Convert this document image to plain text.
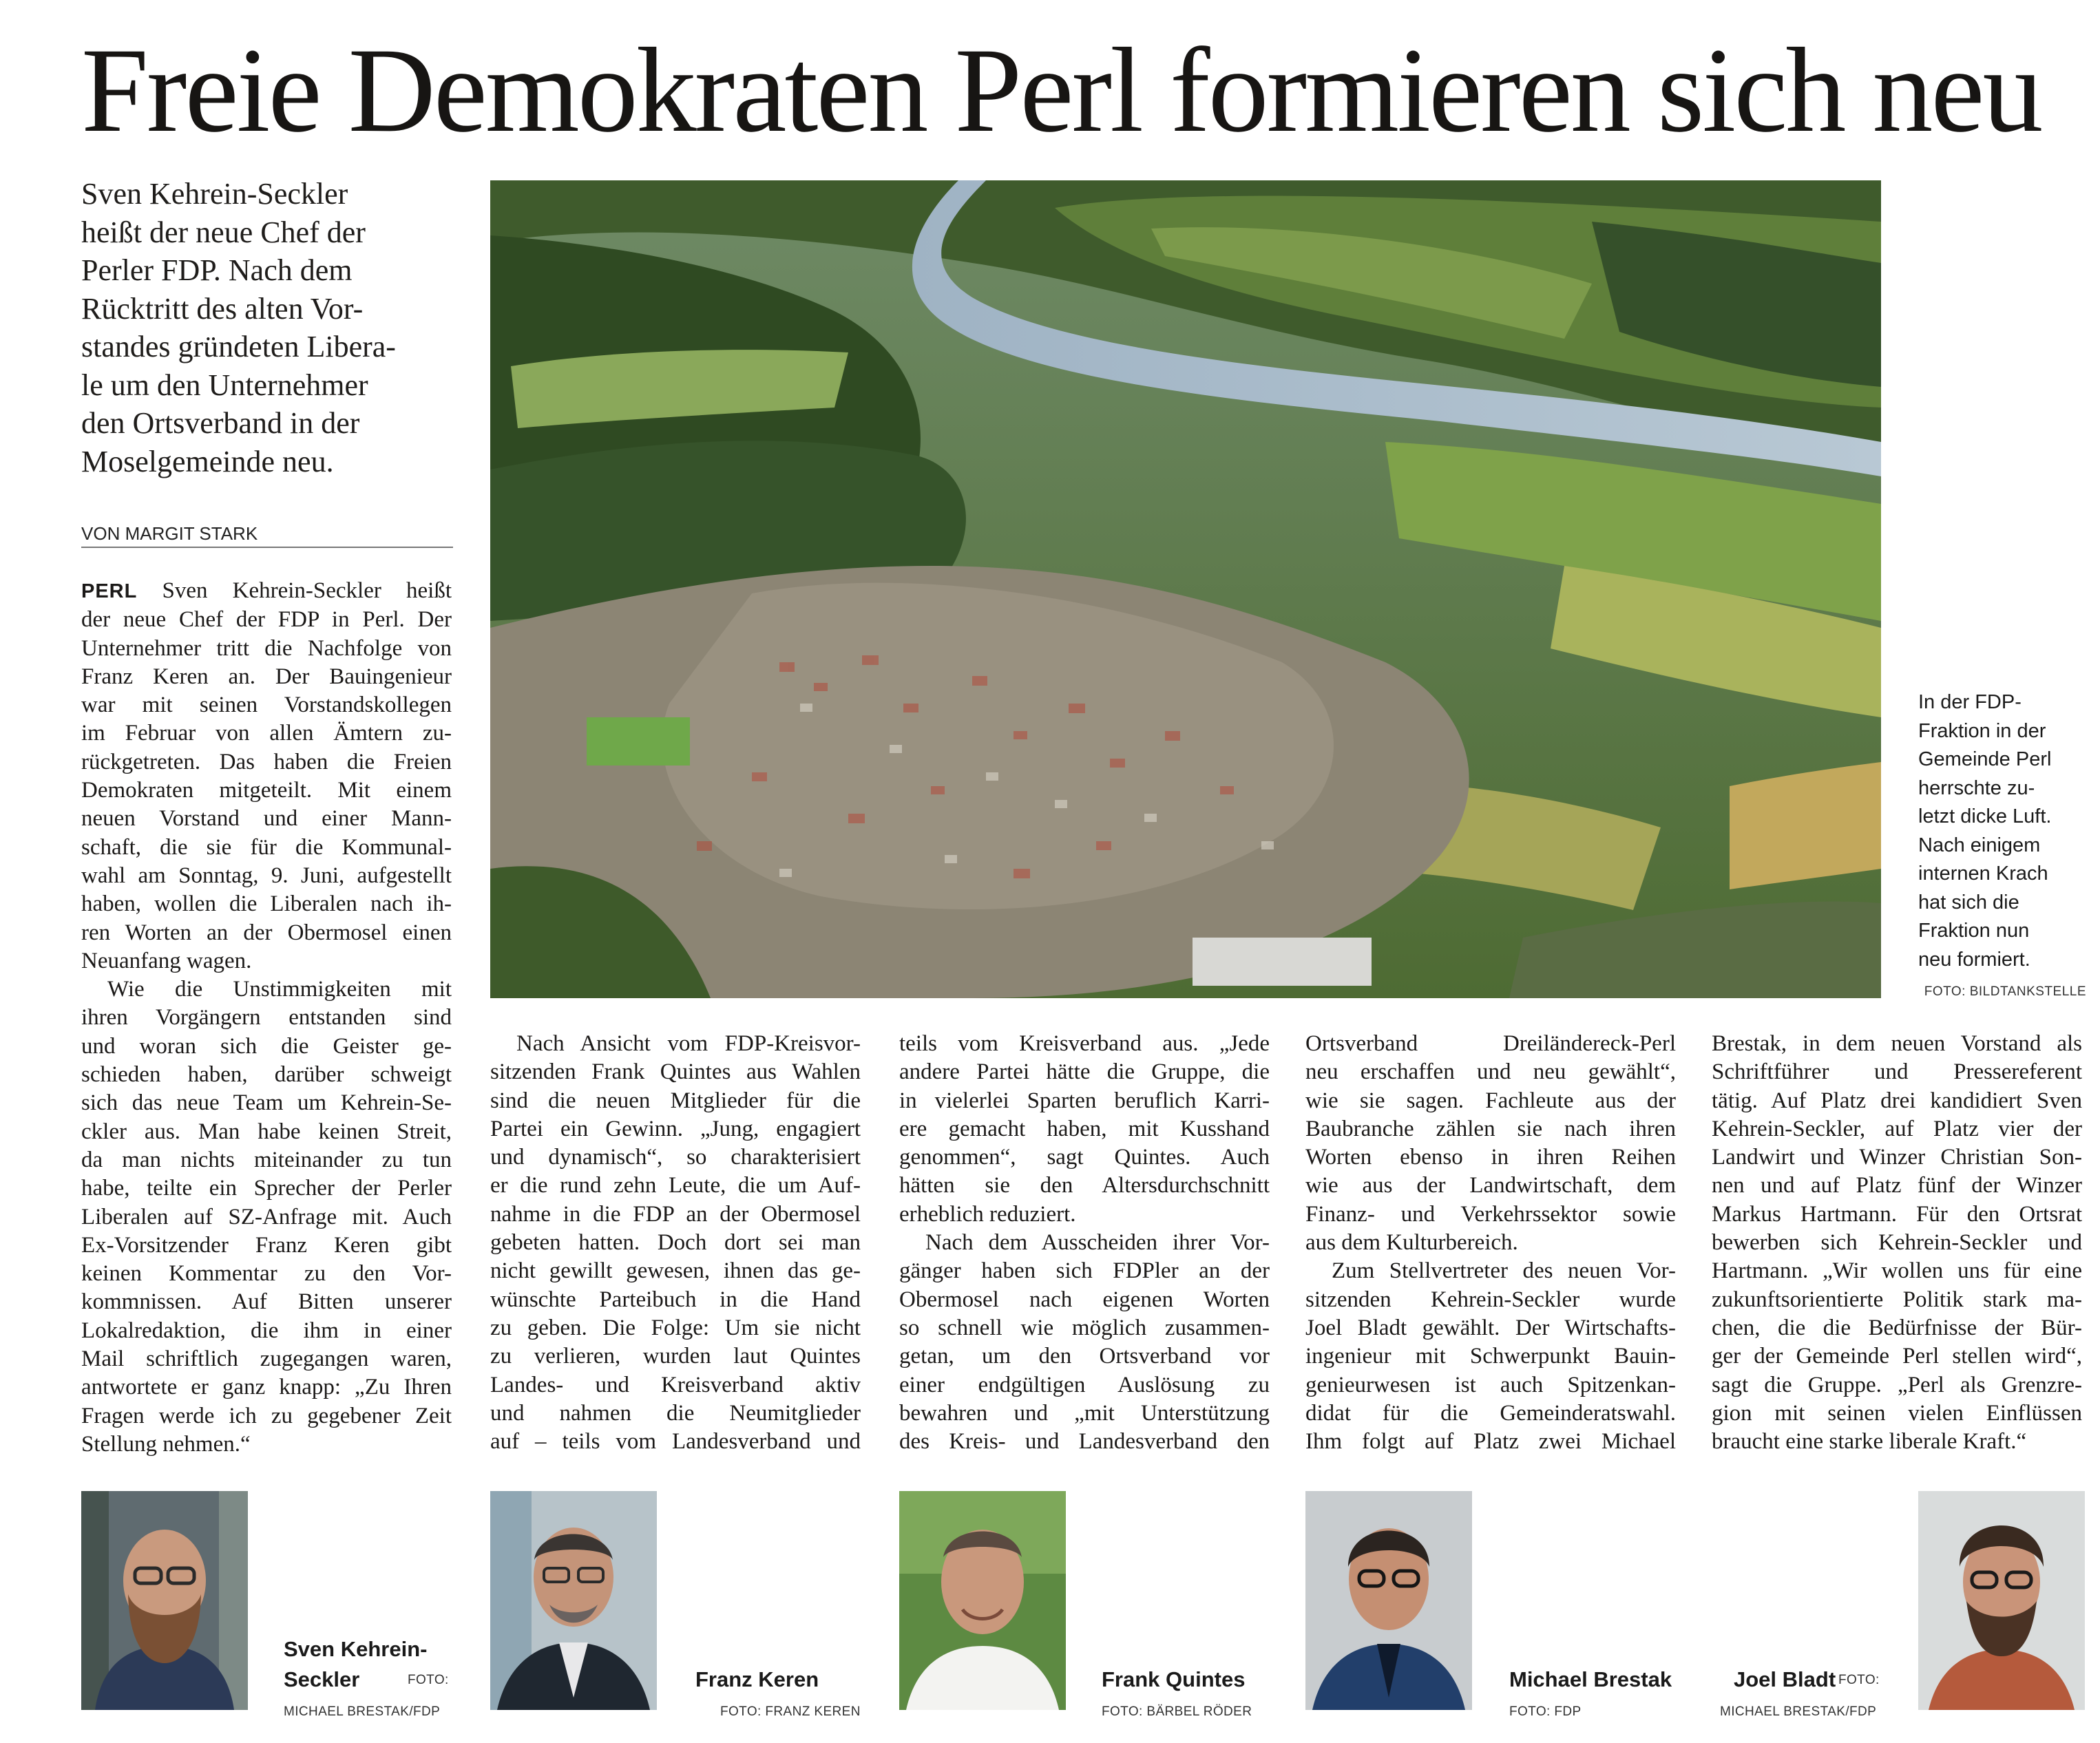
Freie Demokraten Perl formieren sich neu
Sven Kehrein-Seckler
heißt der neue Chef der
Perler FDP. Nach dem
Rücktritt des alten Vor-
standes gründeten Libera-
le um den Unternehmer
den Ortsverband in der
Moselgemeinde neu.
VON MARGIT STARK
PERL Sven Kehrein-Seckler heißt
der neue Chef der FDP in Perl. Der
Unternehmer tritt die Nachfolge von
Franz Keren an. Der Bauingenieur
war mit seinen Vorstandskollegen
im Februar von allen Ämtern zu-
rückgetreten. Das haben die Freien
Demokraten mitgeteilt. Mit einem
neuen Vorstand und einer Mann-
schaft, die sie für die Kommunal-
wahl am Sonntag, 9. Juni, aufgestellt
haben, wollen die Liberalen nach ih-
ren Worten an der Obermosel einen
Neuanfang wagen.
Wie die Unstimmigkeiten mit
ihren Vorgängern entstanden sind
und woran sich die Geister ge-
schieden haben, darüber schweigt
sich das neue Team um Kehrein-Se-
ckler aus. Man habe keinen Streit,
da man nichts miteinander zu tun
habe, teilte ein Sprecher der Perler
Liberalen auf SZ-Anfrage mit. Auch
Ex-Vorsitzender Franz Keren gibt
keinen Kommentar zu den Vor-
kommnissen. Auf Bitten unserer
Lokalredaktion, die ihm in einer
Mail schriftlich zugegangen waren,
antwortete er ganz knapp: „Zu Ihren
Fragen werde ich zu gegebener Zeit
Stellung nehmen.“
In der FDP-
Fraktion in der
Gemeinde Perl
herrschte zu-
letzt dicke Luft.
Nach einigem
internen Krach
hat sich die
Fraktion nun
neu formiert.
FOTO: BILDTANKSTELLE
Nach Ansicht vom FDP-Kreisvor-
sitzenden Frank Quintes aus Wahlen
sind die neuen Mitglieder für die
Partei ein Gewinn. „Jung, engagiert
und dynamisch“, so charakterisiert
er die rund zehn Leute, die um Auf-
nahme in die FDP an der Obermosel
gebeten hatten. Doch dort sei man
nicht gewillt gewesen, ihnen das ge-
wünschte Parteibuch in die Hand
zu geben. Die Folge: Um sie nicht
zu verlieren, wurden laut Quintes
Landes- und Kreisverband aktiv
und nahmen die Neumitglieder
auf – teils vom Landesverband und
teils vom Kreisverband aus. „Jede
andere Partei hätte die Gruppe, die
in vielerlei Sparten beruflich Karri-
ere gemacht haben, mit Kusshand
genommen“, sagt Quintes. Auch
hätten sie den Altersdurchschnitt
erheblich reduziert.
Nach dem Ausscheiden ihrer Vor-
gänger haben sich FDPler an der
Obermosel nach eigenen Worten
so schnell wie möglich zusammen-
getan, um den Ortsverband vor
einer endgültigen Auslösung zu
bewahren und „mit Unterstützung
des Kreis- und Landesverband den
Ortsverband Dreiländereck-Perl
neu erschaffen und neu gewählt“,
wie sie sagen. Fachleute aus der
Baubranche zählen sie nach ihren
Worten ebenso in ihren Reihen
wie aus der Landwirtschaft, dem
Finanz- und Verkehrssektor sowie
aus dem Kulturbereich.
Zum Stellvertreter des neuen Vor-
sitzenden Kehrein-Seckler wurde
Joel Bladt gewählt. Der Wirtschafts-
ingenieur mit Schwerpunkt Bauin-
genieurwesen ist auch Spitzenkan-
didat für die Gemeinderatswahl.
Ihm folgt auf Platz zwei Michael
Brestak, in dem neuen Vorstand als
Schriftführer und Pressereferent
tätig. Auf Platz drei kandidiert Sven
Kehrein-Seckler, auf Platz vier der
Landwirt und Winzer Christian Son-
nen und auf Platz fünf der Winzer
Markus Hartmann. Für den Ortsrat
bewerben sich Kehrein-Seckler und
Hartmann. „Wir wollen uns für eine
zukunftsorientierte Politik stark ma-
chen, die die Bedürfnisse der Bür-
ger der Gemeinde Perl stellen wird“,
sagt die Gruppe. „Perl als Grenzre-
gion mit seinen vielen Einflüssen
braucht eine starke liberale Kraft.“
Sven Kehrein-
Seckler	FOTO:
MICHAEL BRESTAK/FDP
Franz Keren
FOTO: FRANZ KEREN
Frank Quintes
FOTO: BÄRBEL RÖDER
Michael Brestak
FOTO: FDP
Joel Bladt FOTO:
MICHAEL BRESTAK/FDP
